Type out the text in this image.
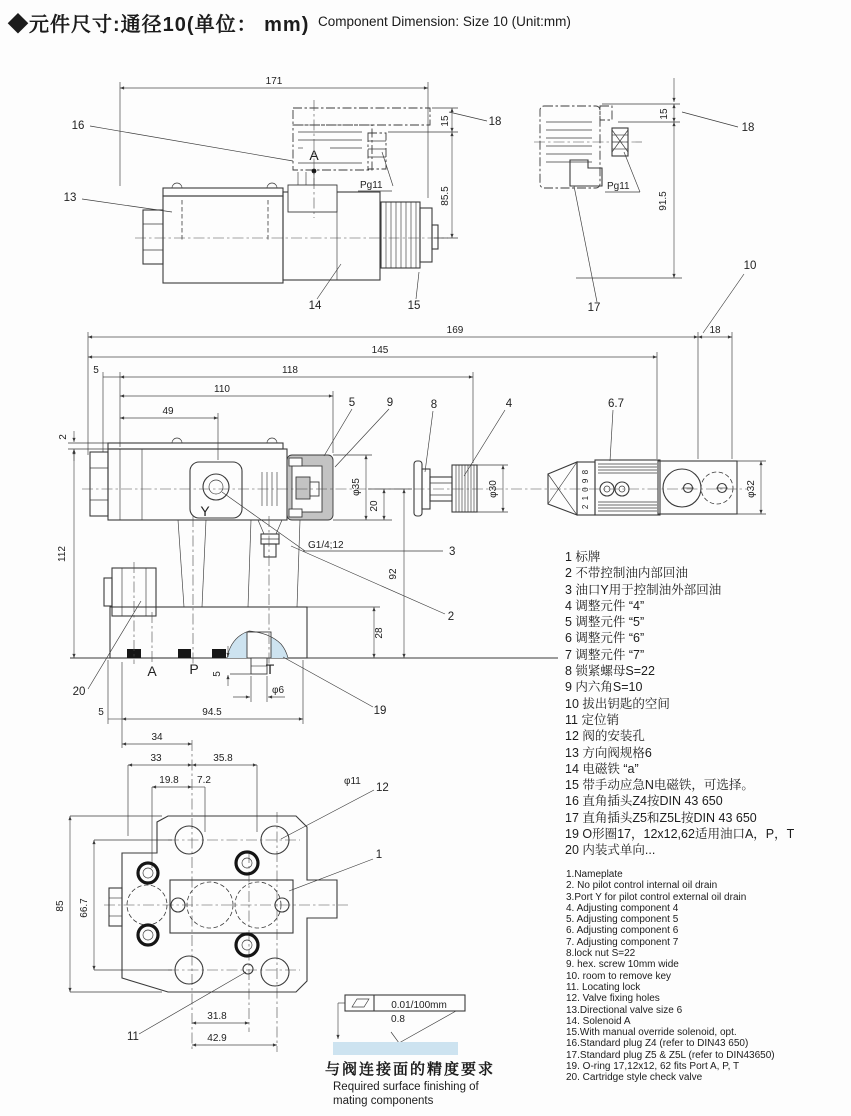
◆元件尺寸:通径10(单位： mm) Component Dimension: Size 10 (Unit:mm)
171
A
Pg11
16
13
14	15
18
15
85.5	Pg11
15
91.5
18
17
169	18
145
118
5
110
49
2
112
Y
φ35
20
φ30	2 1 0 9 8	φ32
A P	T
92
28
5	94.5
5
φ6
G1/4;12
3
5	9	8	4	6.7
10
2
20
19
34
33	35.8
19.8 7.2	φ11
12
85 66.7
31.8
42.9
11
1
0.01/100mm
0.8
1 标牌
2 不带控制油内部回油
3 油口Y用于控制油外部回油
4 调整元件 “4”
5 调整元件 “5”
6 调整元件 “6”
7 调整元件 “7”
8 锁紧螺母S=22
9 内六角S=10
10 拔出钥匙的空间
11 定位销
12 阀的安装孔
13 方向阀规格6
14 电磁铁 “a”
15 带手动应急N电磁铁，可选择。
16 直角插头Z4按DIN 43 650
17 直角插头Z5和Z5L按DIN 43 650
19 O形圈17，12x12,62适用油口A，P，T
20 内装式单向...
1.Nameplate
2. No pilot control internal oil drain
3.Port Y for pilot control external oil drain
4. Adjusting component 4
5. Adjusting component 5
6. Adjusting component 6
7. Adjusting component 7
8.lock nut S=22
9. hex. screw 10mm wide
10. room to remove key
11. Locating lock
12. Valve fixing holes
13.Directional valve size 6
14. Solenoid A
15.With manual override solenoid, opt.
16.Standard plug Z4 (refer to DIN43 650)
17.Standard plug Z5 & Z5L (refer to DIN43650)
19. O-ring 17,12x12, 62 fits Port A, P, T
20. Cartridge style check valve
与阀连接面的精度要求
Required surface finishing of
mating components
